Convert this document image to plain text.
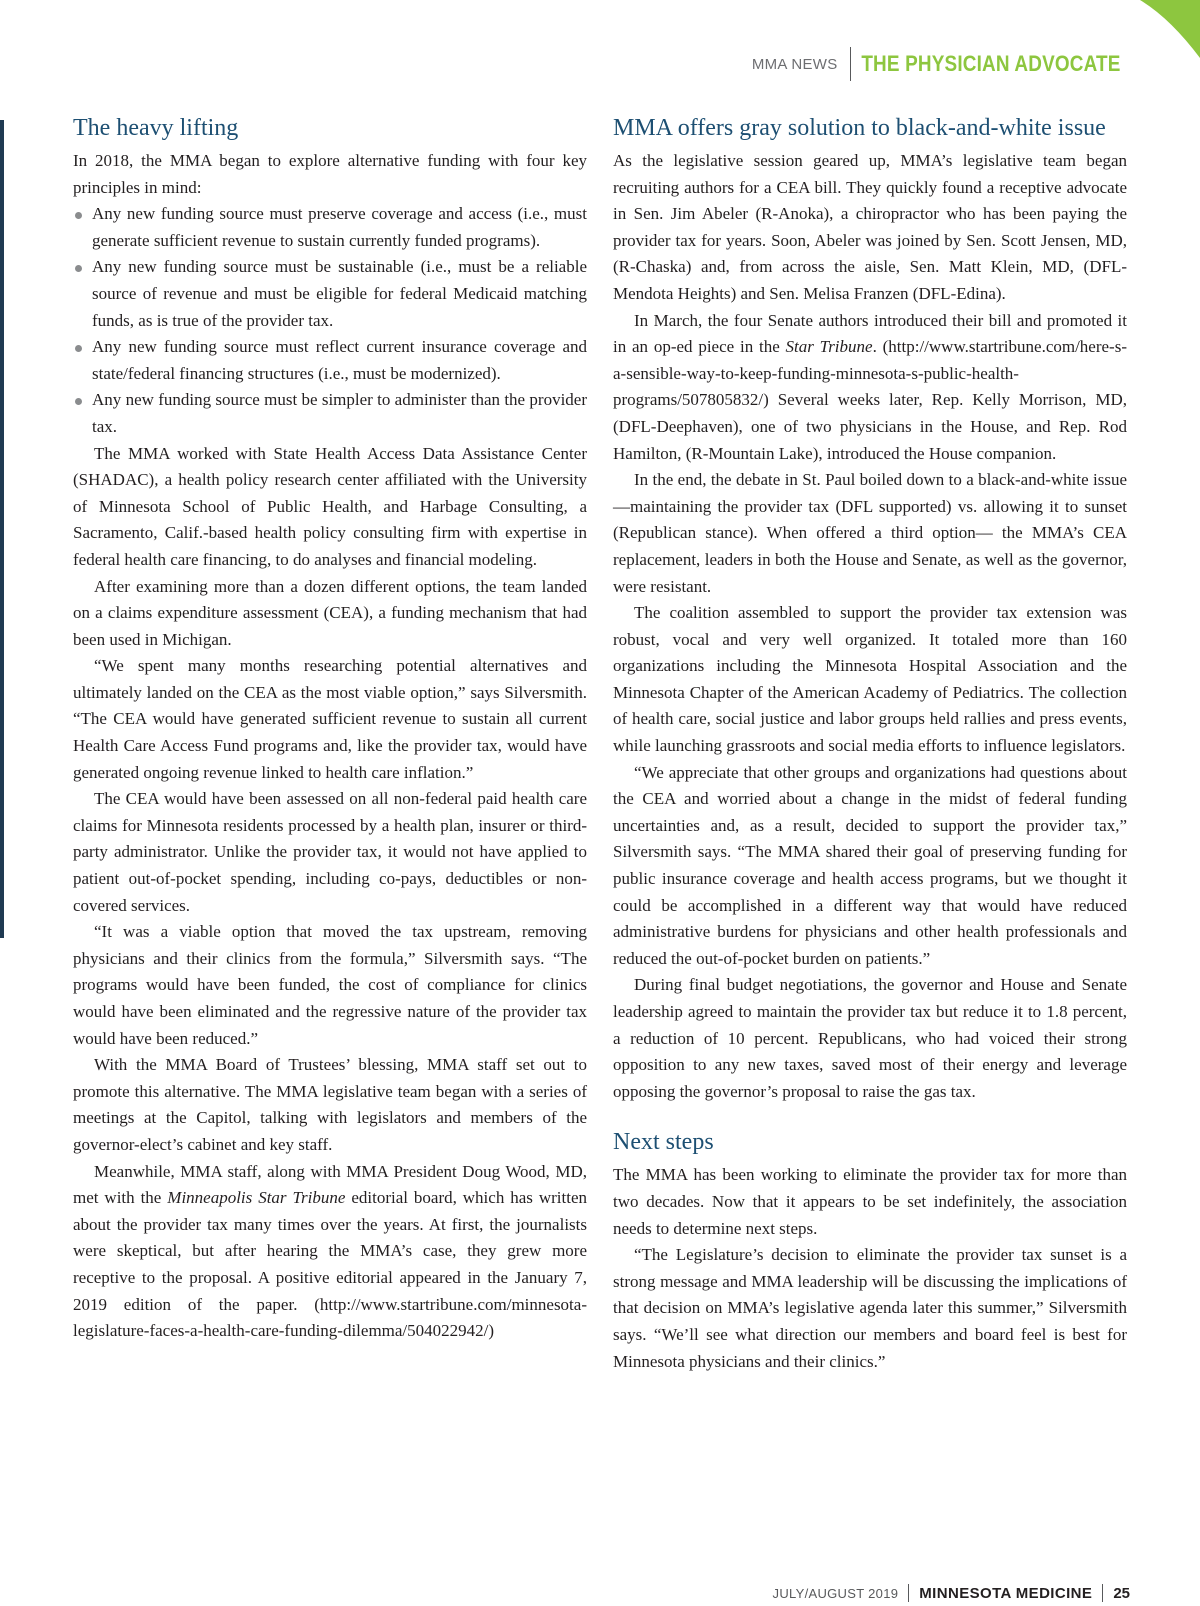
MMA NEWS	THE PHYSICIAN ADVOCATE
The heavy lifting

In 2018, the MMA began to explore alternative funding with four key principles in mind:

Any new funding source must preserve coverage and access (i.e., must generate sufficient revenue to sustain currently funded programs).
Any new funding source must be sustainable (i.e., must be a reliable source of revenue and must be eligible for federal Medicaid matching funds, as is true of the provider tax.
Any new funding source must reflect current insurance coverage and state/federal financing structures (i.e., must be modernized).
Any new funding source must be simpler to administer than the provider tax.

The MMA worked with State Health Access Data Assistance Center (SHADAC), a health policy research center affiliated with the University of Minnesota School of Public Health, and Harbage Consulting, a Sacramento, Calif.-based health policy consulting firm with expertise in federal health care financing, to do analyses and financial modeling.

After examining more than a dozen different options, the team landed on a claims expenditure assessment (CEA), a funding mechanism that had been used in Michigan.

“We spent many months researching potential alternatives and ultimately landed on the CEA as the most viable option,” says Silversmith. “The CEA would have generated sufficient revenue to sustain all current Health Care Access Fund programs and, like the provider tax, would have generated ongoing revenue linked to health care inflation.”

The CEA would have been assessed on all non-federal paid health care claims for Minnesota residents processed by a health plan, insurer or third-party administrator. Unlike the provider tax, it would not have applied to patient out-of-pocket spending, including co-pays, deductibles or non-covered services.

“It was a viable option that moved the tax upstream, removing physicians and their clinics from the formula,” Silversmith says. “The programs would have been funded, the cost of compliance for clinics would have been eliminated and the regressive nature of the provider tax would have been reduced.”

With the MMA Board of Trustees’ blessing, MMA staff set out to promote this alternative. The MMA legislative team began with a series of meetings at the Capitol, talking with legislators and members of the governor-elect’s cabinet and key staff.

Meanwhile, MMA staff, along with MMA President Doug Wood, MD, met with the Minneapolis Star Tribune editorial board, which has written about the provider tax many times over the years. At first, the journalists were skeptical, but after hearing the MMA’s case, they grew more receptive to the proposal. A positive editorial appeared in the January 7, 2019 edition of the paper. (http://www.startribune.com/minnesota-legislature-faces-a-health-care-funding-dilemma/504022942/)

MMA offers gray solution to black-and-white issue

As the legislative session geared up, MMA’s legislative team began recruiting authors for a CEA bill. They quickly found a receptive advocate in Sen. Jim Abeler (R-Anoka), a chiropractor who has been paying the provider tax for years. Soon, Abeler was joined by Sen. Scott Jensen, MD, (R-Chaska) and, from across the aisle, Sen. Matt Klein, MD, (DFL-Mendota Heights) and Sen. Melisa Franzen (DFL-Edina).

In March, the four Senate authors introduced their bill and promoted it in an op-ed piece in the Star Tribune. (http://www.startribune.com/here-s-a-sensible-way-to-keep-funding-minnesota-s-public-health-programs/507805832/) Several weeks later, Rep. Kelly Morrison, MD, (DFL-Deephaven), one of two physicians in the House, and Rep. Rod Hamilton, (R-Mountain Lake), introduced the House companion.

In the end, the debate in St. Paul boiled down to a black-and-white issue—maintaining the provider tax (DFL supported) vs. allowing it to sunset (Republican stance). When offered a third option— the MMA’s CEA replacement, leaders in both the House and Senate, as well as the governor, were resistant.

The coalition assembled to support the provider tax extension was robust, vocal and very well organized. It totaled more than 160 organizations including the Minnesota Hospital Association and the Minnesota Chapter of the American Academy of Pediatrics. The collection of health care, social justice and labor groups held rallies and press events, while launching grassroots and social media efforts to influence legislators.

“We appreciate that other groups and organizations had questions about the CEA and worried about a change in the midst of federal funding uncertainties and, as a result, decided to support the provider tax,” Silversmith says. “The MMA shared their goal of preserving funding for public insurance coverage and health access programs, but we thought it could be accomplished in a different way that would have reduced administrative burdens for physicians and other health professionals and reduced the out-of-pocket burden on patients.”

During final budget negotiations, the governor and House and Senate leadership agreed to maintain the provider tax but reduce it to 1.8 percent, a reduction of 10 percent. Republicans, who had voiced their strong opposition to any new taxes, saved most of their energy and leverage opposing the governor’s proposal to raise the gas tax.

Next steps

The MMA has been working to eliminate the provider tax for more than two decades. Now that it appears to be set indefinitely, the association needs to determine next steps.

“The Legislature’s decision to eliminate the provider tax sunset is a strong message and MMA leadership will be discussing the implications of that decision on MMA’s legislative agenda later this summer,” Silversmith says. “We’ll see what direction our members and board feel is best for Minnesota physicians and their clinics.”

JULY/AUGUST 2019 MINNESOTA MEDICINE 25
